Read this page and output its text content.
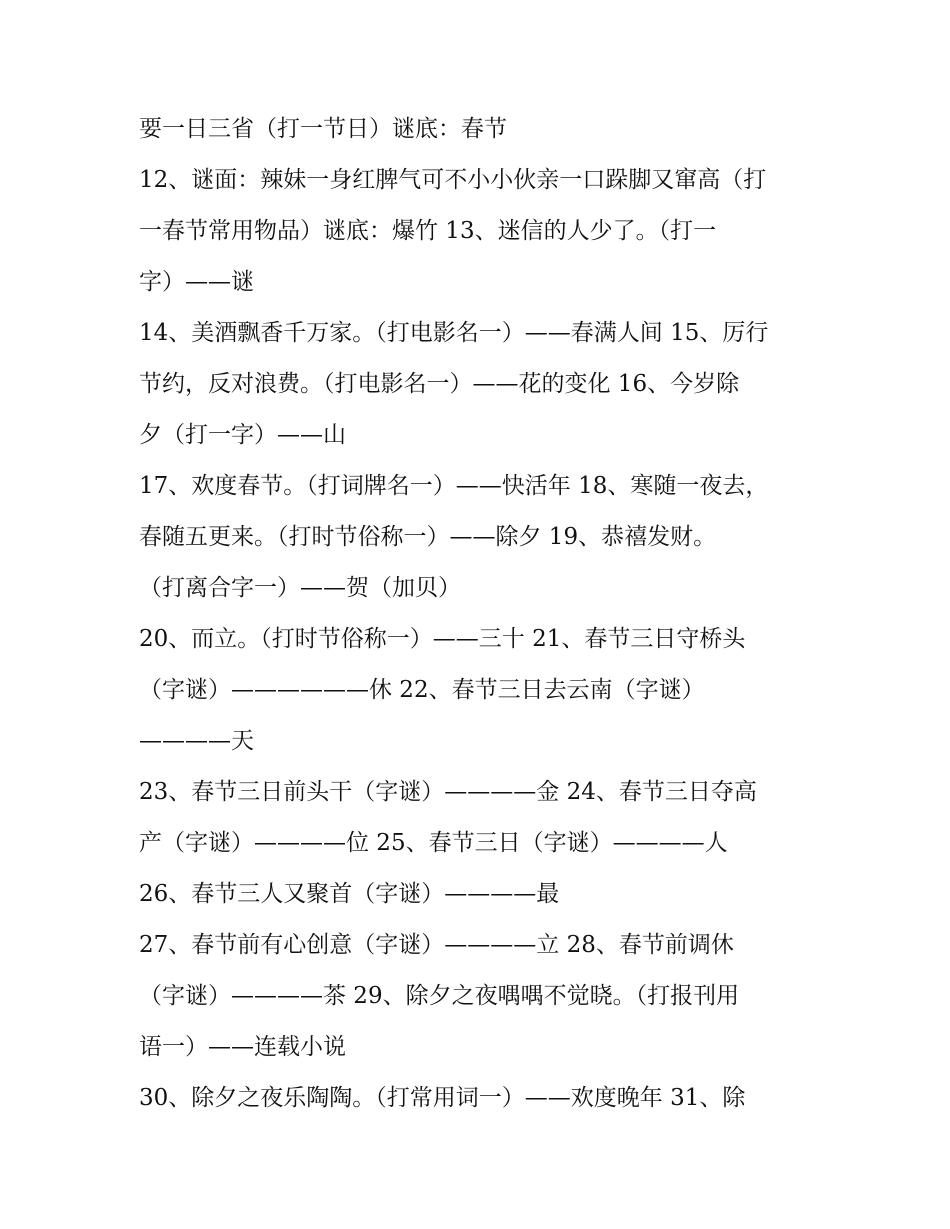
要一日三省（打一节日）谜底：春节
12、谜面：辣妹一身红脾气可不小小伙亲一口跺脚又窜高（打
一春节常用物品）谜底：爆竹 13、迷信的人少了。（打一
字）——谜
14、美酒飘香千万家。（打电影名一）——春满人间 15、厉行
节约，反对浪费。（打电影名一）——花的变化 16、今岁除
夕（打一字）——山
17、欢度春节。（打词牌名一）——快活年 18、寒随一夜去，
春随五更来。（打时节俗称一）——除夕 19、恭禧发财。
（打离合字一）——贺（加贝）
20、而立。（打时节俗称一）——三十 21、春节三日守桥头
（字谜）——————休 22、春节三日去云南（字谜）
————天
23、春节三日前头干（字谜）————金 24、春节三日夺高
产（字谜）————位 25、春节三日（字谜）————人
26、春节三人又聚首（字谜）————最
27、春节前有心创意（字谜）————立 28、春节前调休
（字谜）————茶 29、除夕之夜喁喁不觉晓。（打报刊用
语一）——连载小说
30、除夕之夜乐陶陶。（打常用词一）——欢度晚年 31、除
